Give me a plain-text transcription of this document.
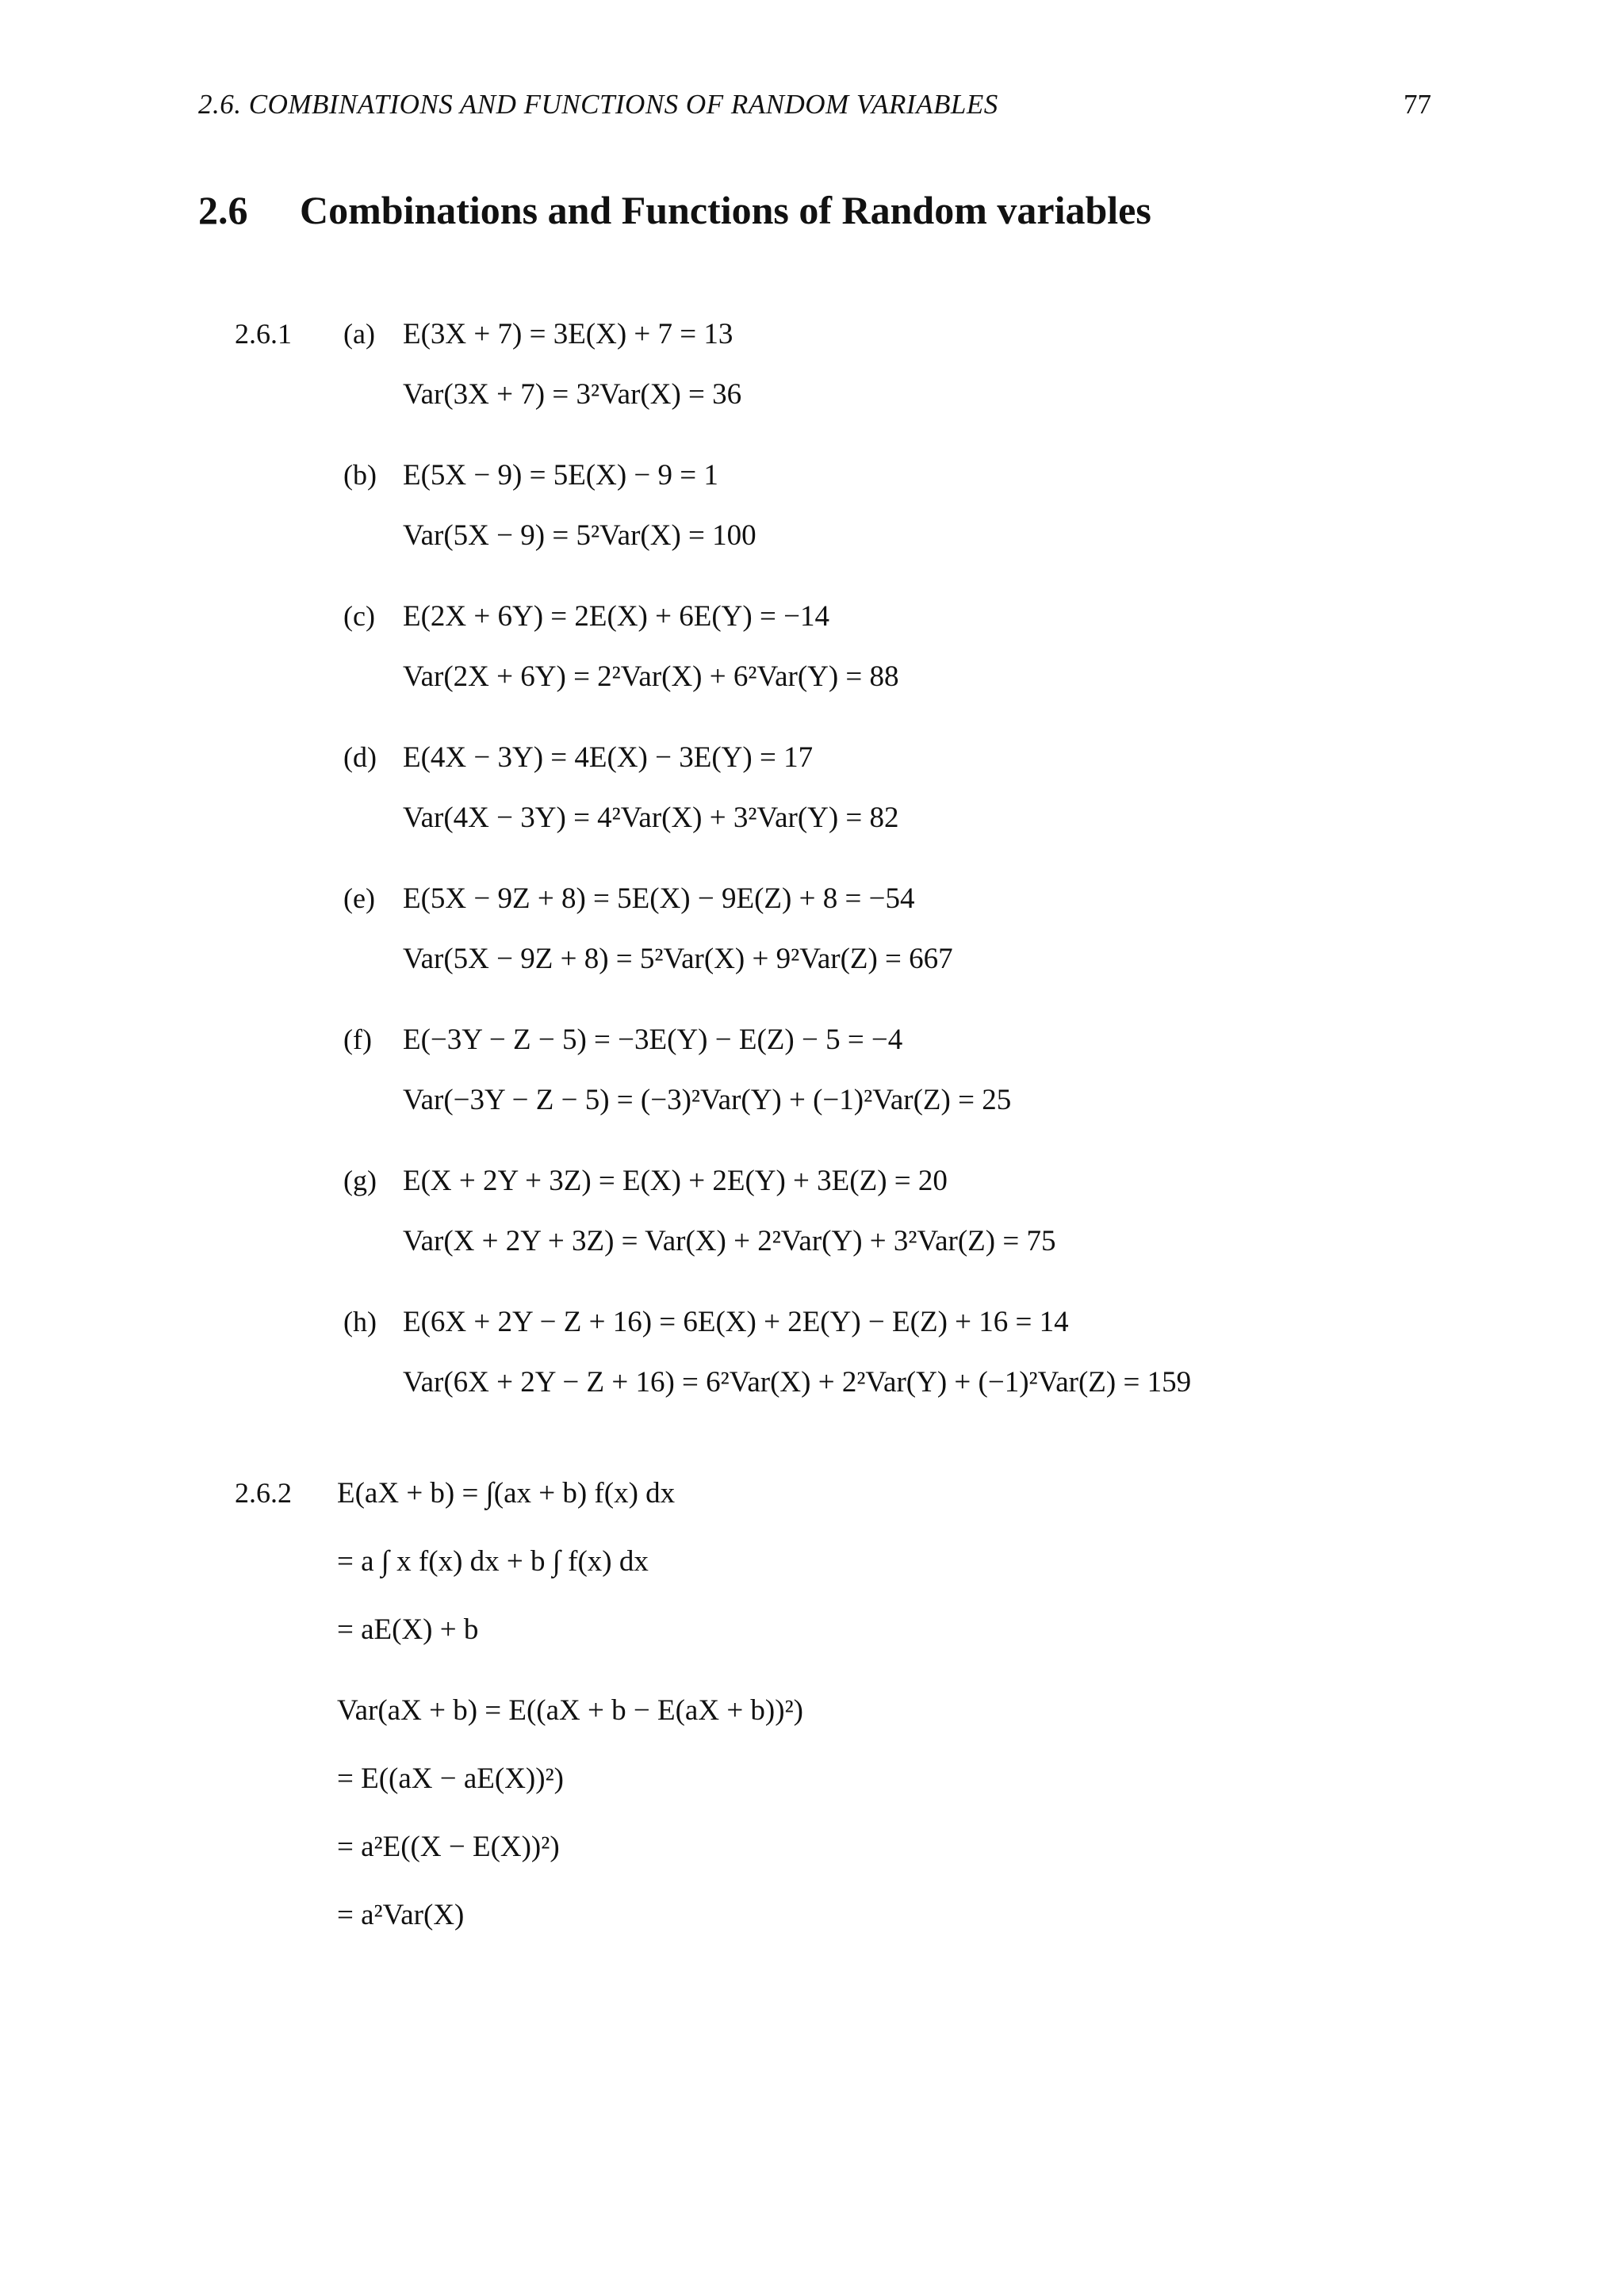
2.6. COMBINATIONS AND FUNCTIONS OF RANDOM VARIABLES	77
2.6 Combinations and Functions of Random variables
2.6.1 (a) E(3X + 7) = 3E(X) + 7 = 13
Var(3X + 7) = 3²Var(X) = 36
(b) E(5X − 9) = 5E(X) − 9 = 1
Var(5X − 9) = 5²Var(X) = 100
(c) E(2X + 6Y) = 2E(X) + 6E(Y) = −14
Var(2X + 6Y) = 2²Var(X) + 6²Var(Y) = 88
(d) E(4X − 3Y) = 4E(X) − 3E(Y) = 17
Var(4X − 3Y) = 4²Var(X) + 3²Var(Y) = 82
(e) E(5X − 9Z + 8) = 5E(X) − 9E(Z) + 8 = −54
Var(5X − 9Z + 8) = 5²Var(X) + 9²Var(Z) = 667
(f) E(−3Y − Z − 5) = −3E(Y) − E(Z) − 5 = −4
Var(−3Y − Z − 5) = (−3)²Var(Y) + (−1)²Var(Z) = 25
(g) E(X + 2Y + 3Z) = E(X) + 2E(Y) + 3E(Z) = 20
Var(X + 2Y + 3Z) = Var(X) + 2²Var(Y) + 3²Var(Z) = 75
(h) E(6X + 2Y − Z + 16) = 6E(X) + 2E(Y) − E(Z) + 16 = 14
Var(6X + 2Y − Z + 16) = 6²Var(X) + 2²Var(Y) + (−1)²Var(Z) = 159
2.6.2 E(aX + b) = ∫(ax + b) f(x) dx
= a ∫ x f(x) dx + b ∫ f(x) dx
= aE(X) + b
Var(aX + b) = E((aX + b − E(aX + b))²)
= E((aX − aE(X))²)
= a²E((X − E(X))²)
= a²Var(X)
